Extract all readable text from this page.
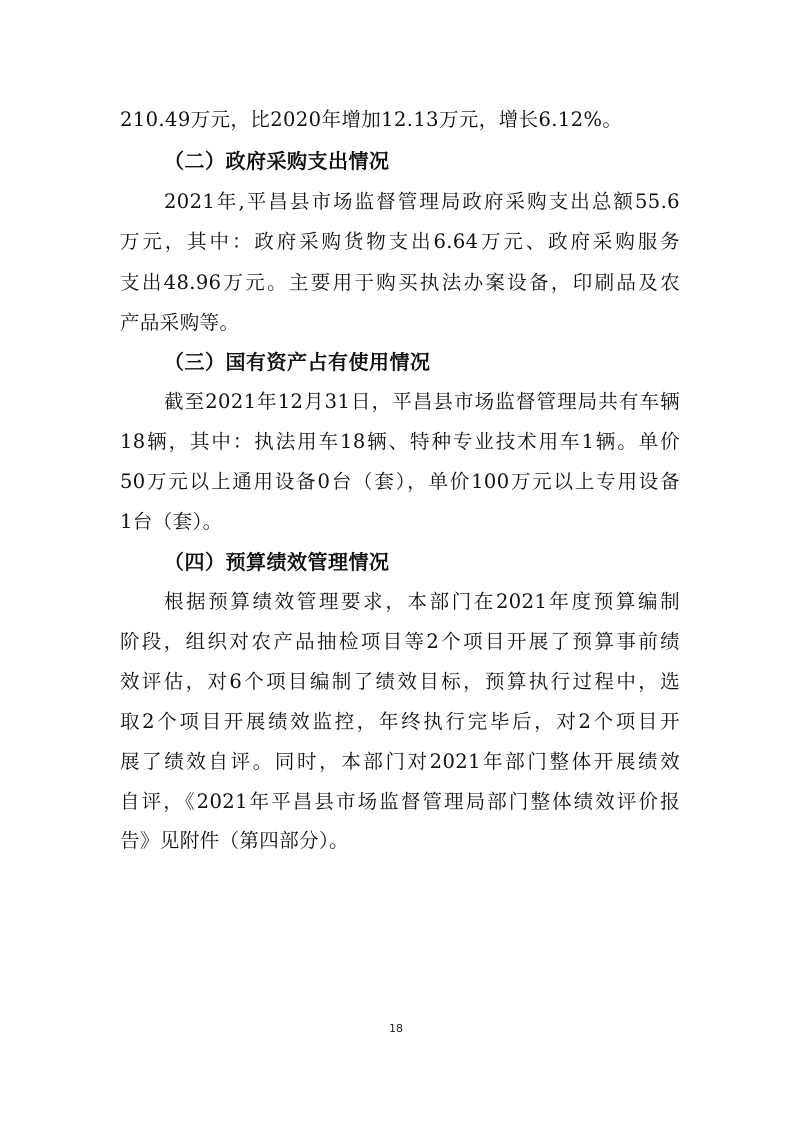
210.49万元，比2020年增加12.13万元，增长6.12%。
（二）政府采购支出情况
2021年,平昌县市场监督管理局政府采购支出总额55.6
万元，其中：政府采购货物支出6.64万元、政府采购服务
支出48.96万元。主要用于购买执法办案设备，印刷品及农
产品采购等。
（三）国有资产占有使用情况
截至2021年12月31日，平昌县市场监督管理局共有车辆
18辆，其中：执法用车18辆、特种专业技术用车1辆。单价
50万元以上通用设备0台（套），单价100万元以上专用设备
1台（套）。
（四）预算绩效管理情况
根据预算绩效管理要求，本部门在2021年度预算编制
阶段，组织对农产品抽检项目等2个项目开展了预算事前绩
效评估，对6个项目编制了绩效目标，预算执行过程中，选
取2个项目开展绩效监控，年终执行完毕后，对2个项目开
展了绩效自评。同时，本部门对2021年部门整体开展绩效
自评，《2021年平昌县市场监督管理局部门整体绩效评价报
告》见附件（第四部分）。
18
